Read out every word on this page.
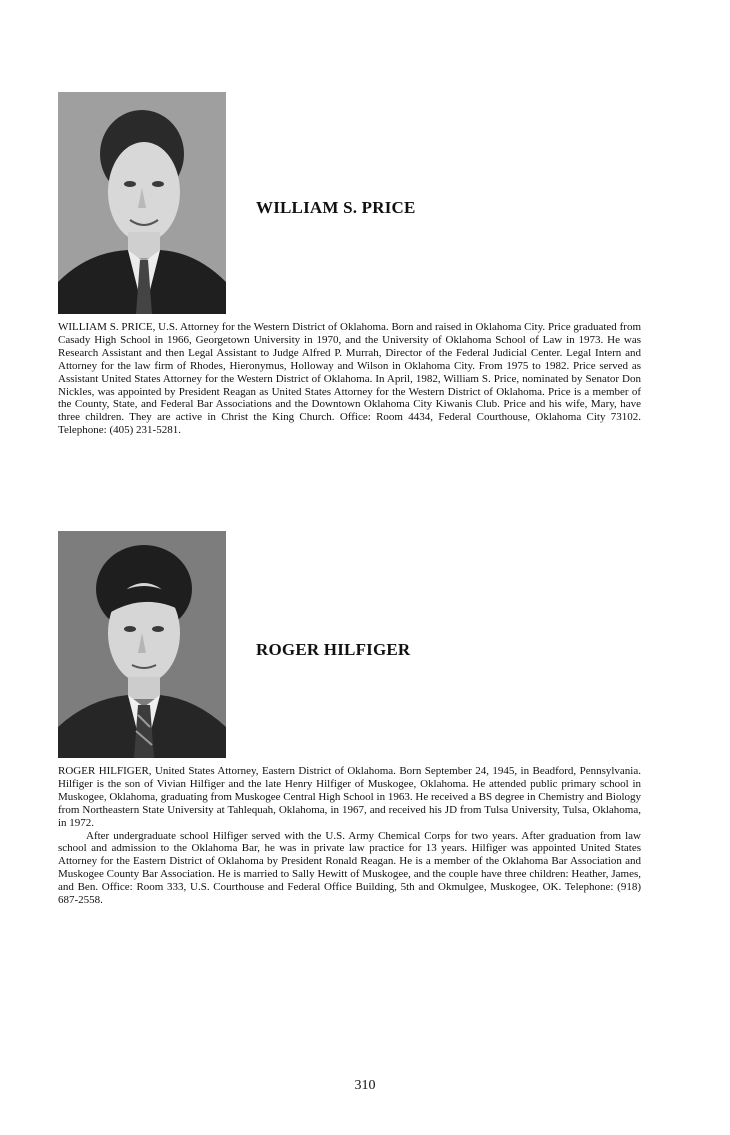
WILLIAM S. PRICE

WILLIAM S. PRICE, U.S. Attorney for the Western District of Oklahoma. Born and raised in Oklahoma City. Price graduated from Casady High School in 1966, Georgetown University in 1970, and the University of Oklahoma School of Law in 1973. He was Research Assistant and then Legal Assistant to Judge Alfred P. Murrah, Director of the Federal Judicial Center. Legal Intern and Attorney for the law firm of Rhodes, Hieronymus, Holloway and Wilson in Oklahoma City. From 1975 to 1982. Price served as Assistant United States Attorney for the Western District of Oklahoma. In April, 1982, William S. Price, nominated by Senator Don Nickles, was appointed by President Reagan as United States Attorney for the Western District of Oklahoma. Price is a member of the County, State, and Federal Bar Associations and the Downtown Oklahoma City Kiwanis Club. Price and his wife, Mary, have three children. They are active in Christ the King Church. Office: Room 4434, Federal Courthouse, Oklahoma City 73102. Telephone: (405) 231-5281.

ROGER HILFIGER

ROGER HILFIGER, United States Attorney, Eastern District of Oklahoma. Born September 24, 1945, in Beadford, Pennsylvania. Hilfiger is the son of Vivian Hilfiger and the late Henry Hilfiger of Muskogee, Oklahoma. He attended public primary school in Muskogee, Oklahoma, graduating from Muskogee Central High School in 1963. He received a BS degree in Chemistry and Biology from Northeastern State University at Tahlequah, Oklahoma, in 1967, and received his JD from Tulsa University, Tulsa, Oklahoma, in 1972.

After undergraduate school Hilfiger served with the U.S. Army Chemical Corps for two years. After graduation from law school and admission to the Oklahoma Bar, he was in private law practice for 13 years. Hilfiger was appointed United States Attorney for the Eastern District of Oklahoma by President Ronald Reagan. He is a member of the Oklahoma Bar Association and Muskogee County Bar Association. He is married to Sally Hewitt of Muskogee, and the couple have three children: Heather, James, and Ben. Office: Room 333, U.S. Courthouse and Federal Office Building, 5th and Okmulgee, Muskogee, OK. Telephone: (918) 687-2558.

310
